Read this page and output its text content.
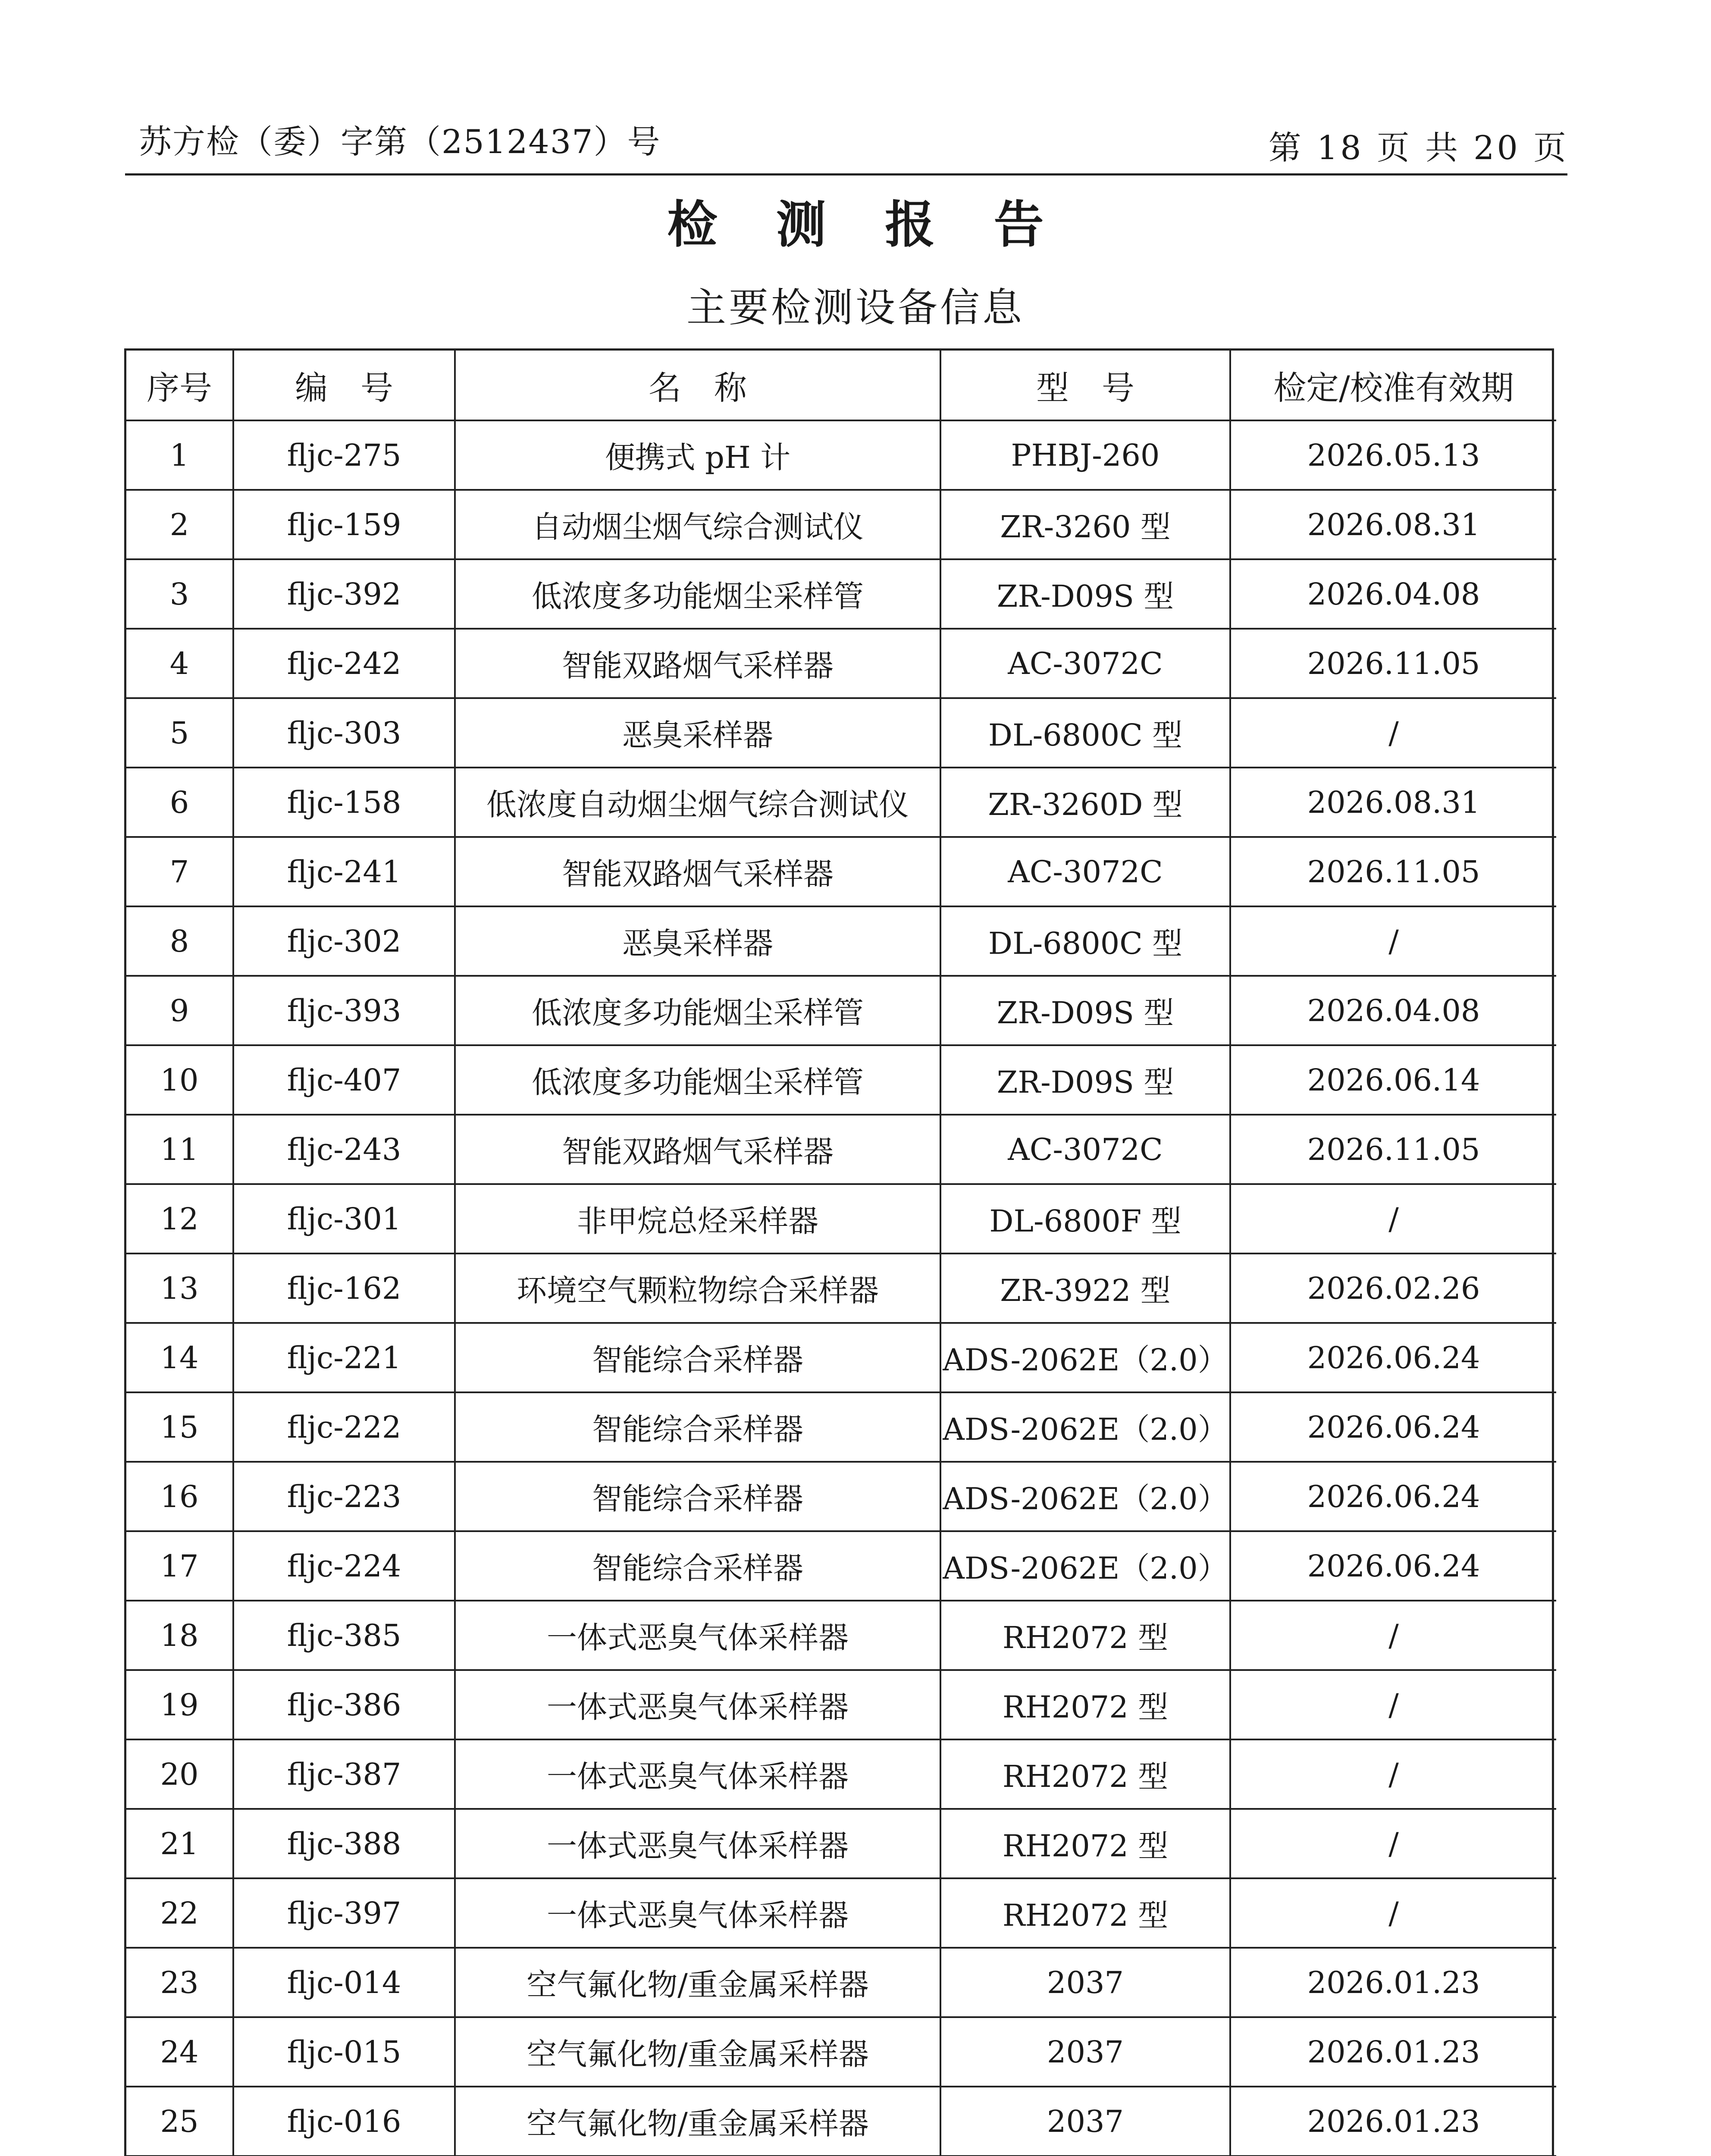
苏方检（委）字第（2512437）号	第 18 页 共 20 页
检 测 报 告
主要检测设备信息
序号	编　号	名　称	型　号	检定/校准有效期
1	fljc-275	便携式 pH 计	PHBJ-260	2026.05.13
2	fljc-159	自动烟尘烟气综合测试仪	ZR-3260 型	2026.08.31
3	fljc-392	低浓度多功能烟尘采样管	ZR-D09S 型	2026.04.08
4	fljc-242	智能双路烟气采样器	AC-3072C	2026.11.05
5	fljc-303	恶臭采样器	DL-6800C 型	/
6	fljc-158	低浓度自动烟尘烟气综合测试仪	ZR-3260D 型	2026.08.31
7	fljc-241	智能双路烟气采样器	AC-3072C	2026.11.05
8	fljc-302	恶臭采样器	DL-6800C 型	/
9	fljc-393	低浓度多功能烟尘采样管	ZR-D09S 型	2026.04.08
10	fljc-407	低浓度多功能烟尘采样管	ZR-D09S 型	2026.06.14
11	fljc-243	智能双路烟气采样器	AC-3072C	2026.11.05
12	fljc-301	非甲烷总烃采样器	DL-6800F 型	/
13	fljc-162	环境空气颗粒物综合采样器	ZR-3922 型	2026.02.26
14	fljc-221	智能综合采样器	ADS-2062E（2.0）	2026.06.24
15	fljc-222	智能综合采样器	ADS-2062E（2.0）	2026.06.24
16	fljc-223	智能综合采样器	ADS-2062E（2.0）	2026.06.24
17	fljc-224	智能综合采样器	ADS-2062E（2.0）	2026.06.24
18	fljc-385	一体式恶臭气体采样器	RH2072 型	/
19	fljc-386	一体式恶臭气体采样器	RH2072 型	/
20	fljc-387	一体式恶臭气体采样器	RH2072 型	/
21	fljc-388	一体式恶臭气体采样器	RH2072 型	/
22	fljc-397	一体式恶臭气体采样器	RH2072 型	/
23	fljc-014	空气氟化物/重金属采样器	2037	2026.01.23
24	fljc-015	空气氟化物/重金属采样器	2037	2026.01.23
25	fljc-016	空气氟化物/重金属采样器	2037	2026.01.23
